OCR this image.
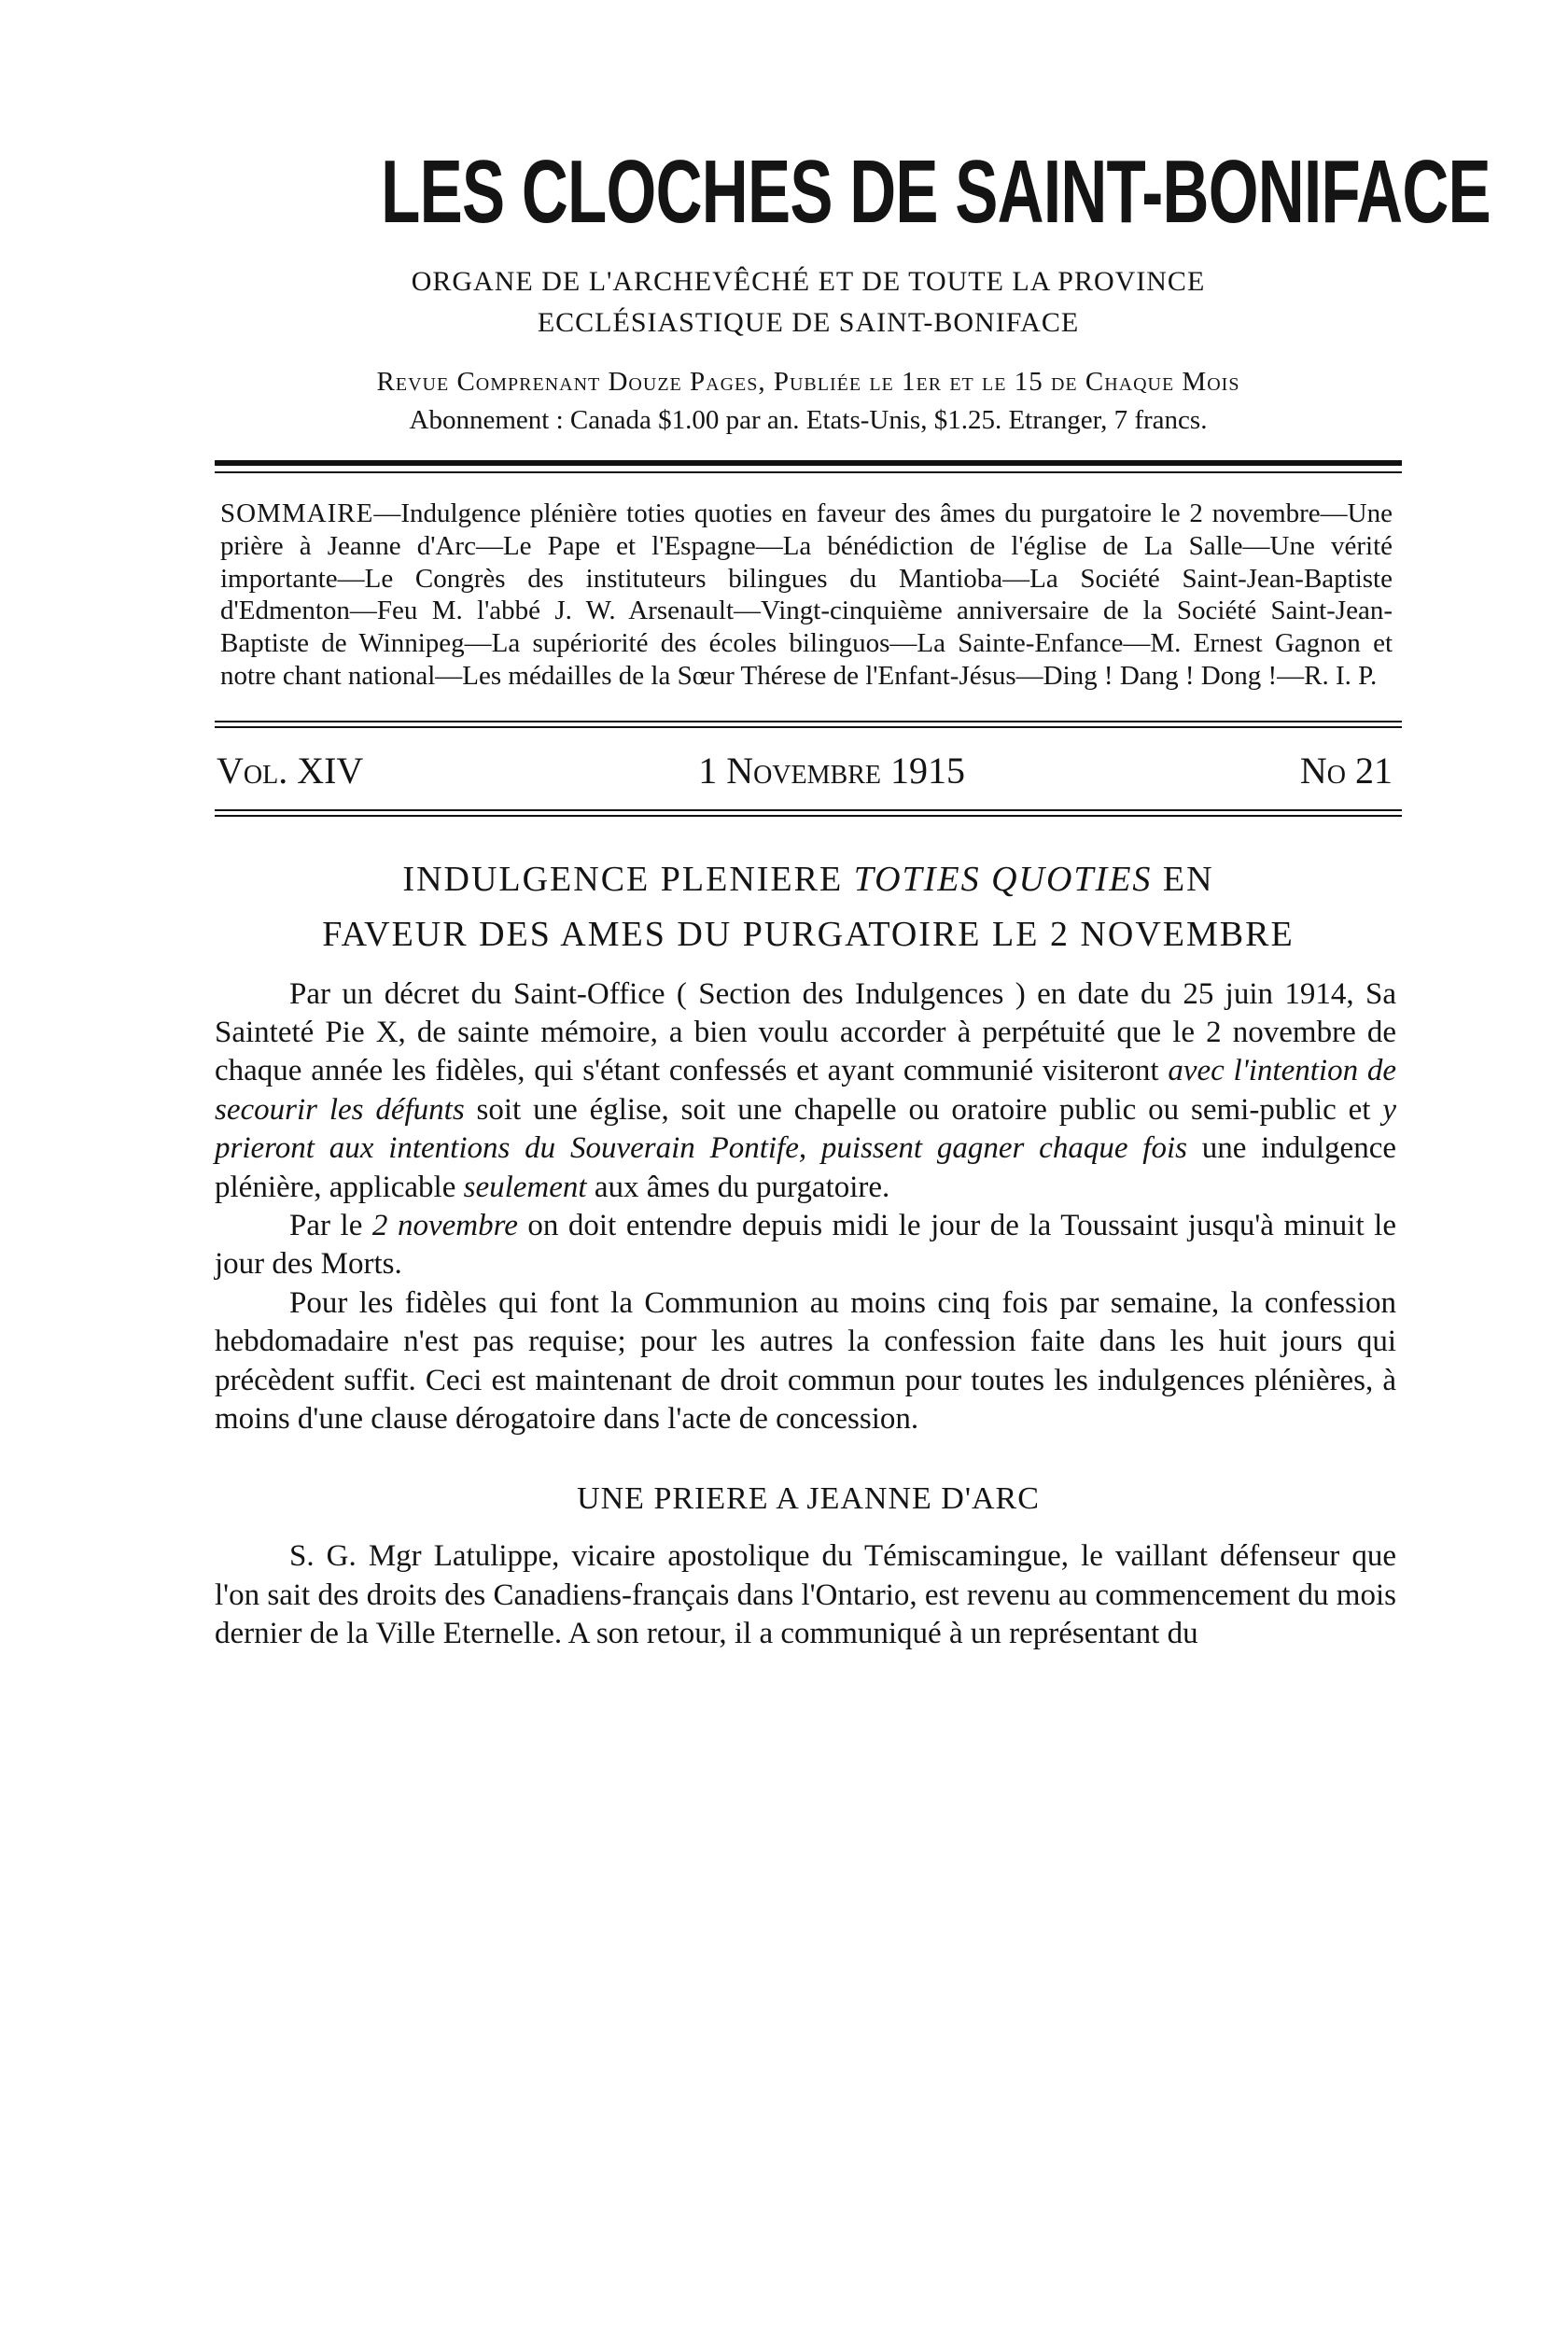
LES CLOCHES DE SAINT-BONIFACE
ORGANE DE L'ARCHEVÊCHÉ ET DE TOUTE LA PROVINCE
ECCLÉSIASTIQUE DE SAINT-BONIFACE
Revue Comprenant Douze Pages, Publiée le 1er et le 15 de Chaque Mois
Abonnement : Canada $1.00 par an. Etats-Unis, $1.25. Etranger, 7 francs.
SOMMAIRE—Indulgence plénière toties quoties en faveur des âmes du purgatoire le 2 novembre—Une prière à Jeanne d'Arc—Le Pape et l'Espagne—La bénédiction de l'église de La Salle—Une vérité importante—Le Congrès des instituteurs bilingues du Mantioba—La Société Saint-Jean-Baptiste d'Edmenton—Feu M. l'abbé J. W. Arsenault—Vingt-cinquième anniversaire de la Société Saint-Jean-Baptiste de Winnipeg—La supériorité des écoles bilinguos—La Sainte-Enfance—M. Ernest Gagnon et notre chant national—Les médailles de la Sœur Thérese de l'Enfant-Jésus—Ding ! Dang ! Dong !—R. I. P.
Vol. XIV	1 Novembre 1915	No 21
INDULGENCE PLENIERE TOTIES QUOTIES EN
FAVEUR DES AMES DU PURGATOIRE LE 2 NOVEMBRE

Par un décret du Saint-Office ( Section des Indulgences ) en date du 25 juin 1914, Sa Sainteté Pie X, de sainte mémoire, a bien voulu accorder à perpétuité que le 2 novembre de chaque année les fidèles, qui s'étant confessés et ayant communié visiteront avec l'intention de secourir les défunts soit une église, soit une chapelle ou oratoire public ou semi-public et y prieront aux intentions du Souverain Pontife, puissent gagner chaque fois une indulgence plénière, applicable seulement aux âmes du purgatoire.

Par le 2 novembre on doit entendre depuis midi le jour de la Toussaint jusqu'à minuit le jour des Morts.

Pour les fidèles qui font la Communion au moins cinq fois par semaine, la confession hebdomadaire n'est pas requise; pour les autres la confession faite dans les huit jours qui précèdent suffit. Ceci est maintenant de droit commun pour toutes les indulgences plénières, à moins d'une clause dérogatoire dans l'acte de concession.

UNE PRIERE A JEANNE D'ARC

S. G. Mgr Latulippe, vicaire apostolique du Témiscamingue, le vaillant défenseur que l'on sait des droits des Canadiens-français dans l'Ontario, est revenu au commencement du mois dernier de la Ville Eternelle. A son retour, il a communiqué à un représentant du
